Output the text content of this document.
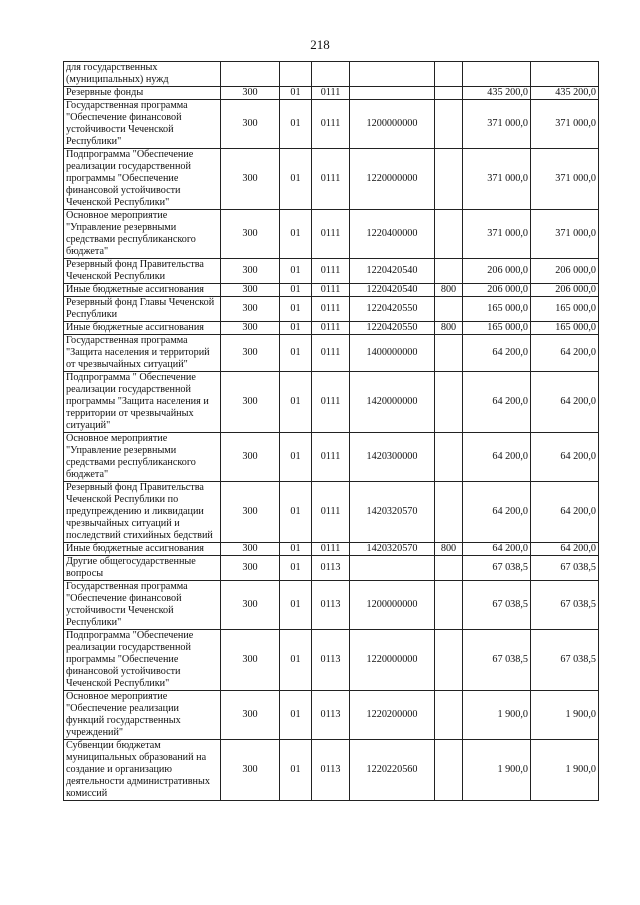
218
для государственных (муниципальных) нужд							
Резервные фонды	300	01	0111			435 200,0	435 200,0
Государственная программа "Обеспечение финансовой устойчивости Чеченской Республики"	300	01	0111	1200000000		371 000,0	371 000,0
Подпрограмма "Обеспечение реализации государственной программы "Обеспечение финансовой устойчивости Чеченской Республики"	300	01	0111	1220000000		371 000,0	371 000,0
Основное мероприятие "Управление резервными средствами республиканского бюджета"	300	01	0111	1220400000		371 000,0	371 000,0
Резервный фонд Правительства Чеченской Республики	300	01	0111	1220420540		206 000,0	206 000,0
Иные бюджетные ассигнования	300	01	0111	1220420540	800	206 000,0	206 000,0
Резервный фонд Главы Чеченской Республики	300	01	0111	1220420550		165 000,0	165 000,0
Иные бюджетные ассигнования	300	01	0111	1220420550	800	165 000,0	165 000,0
Государственная программа "Защита населения и территорий от чрезвычайных ситуаций"	300	01	0111	1400000000		64 200,0	64 200,0
Подпрограмма " Обеспечение реализации государственной программы "Защита населения и территории от чрезвычайных ситуаций"	300	01	0111	1420000000		64 200,0	64 200,0
Основное мероприятие "Управление резервными средствами республиканского бюджета"	300	01	0111	1420300000		64 200,0	64 200,0
Резервный фонд Правительства Чеченской Республики по предупреждению и ликвидации чрезвычайных ситуаций и последствий стихийных бедствий	300	01	0111	1420320570		64 200,0	64 200,0
Иные бюджетные ассигнования	300	01	0111	1420320570	800	64 200,0	64 200,0
Другие общегосударственные вопросы	300	01	0113			67 038,5	67 038,5
Государственная программа "Обеспечение финансовой устойчивости Чеченской Республики"	300	01	0113	1200000000		67 038,5	67 038,5
Подпрограмма "Обеспечение реализации государственной программы "Обеспечение финансовой устойчивости Чеченской Республики"	300	01	0113	1220000000		67 038,5	67 038,5
Основное мероприятие "Обеспечение реализации функций государственных учреждений"	300	01	0113	1220200000		1 900,0	1 900,0
Субвенции бюджетам муниципальных образований на создание и организацию деятельности административных комиссий	300	01	0113	1220220560		1 900,0	1 900,0
